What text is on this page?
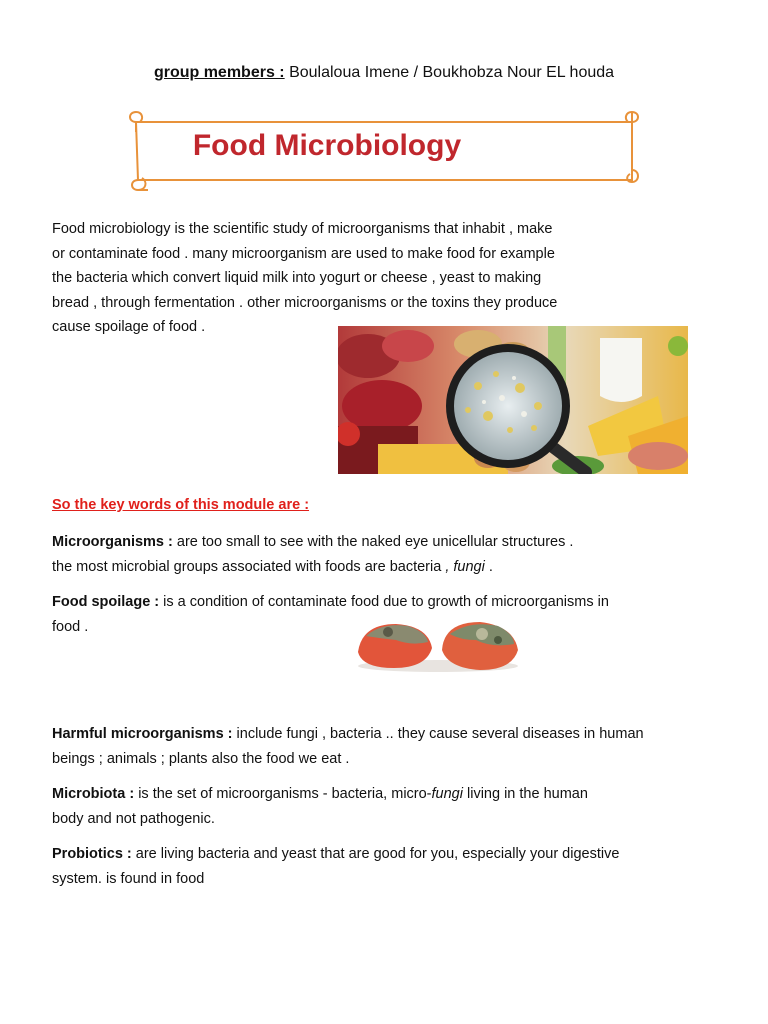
group members : Boulaloua Imene / Boukhobza Nour EL houda
Food Microbiology
Food microbiology is the scientific study of microorganisms that inhabit , make
or contaminate food . many microorganism are used to make food for example
the bacteria which convert liquid milk into yogurt or cheese , yeast to making
bread , through fermentation . other microorganisms or the toxins they produce
cause spoilage of food .
So the key words of this module are :
Microorganisms : are too small to see with the naked eye unicellular structures .
the most microbial groups associated with foods are bacteria , fungi .
Food spoilage : is a condition of contaminate food due to growth of microorganisms in
food .
Harmful microorganisms : include fungi , bacteria .. they cause several diseases in human
beings ; animals ; plants also the food we eat .
Microbiota : is the set of microorganisms - bacteria, micro-fungi living in the human
body and not pathogenic.
Probiotics : are living bacteria and yeast that are good for you, especially your digestive
system. is found in food
